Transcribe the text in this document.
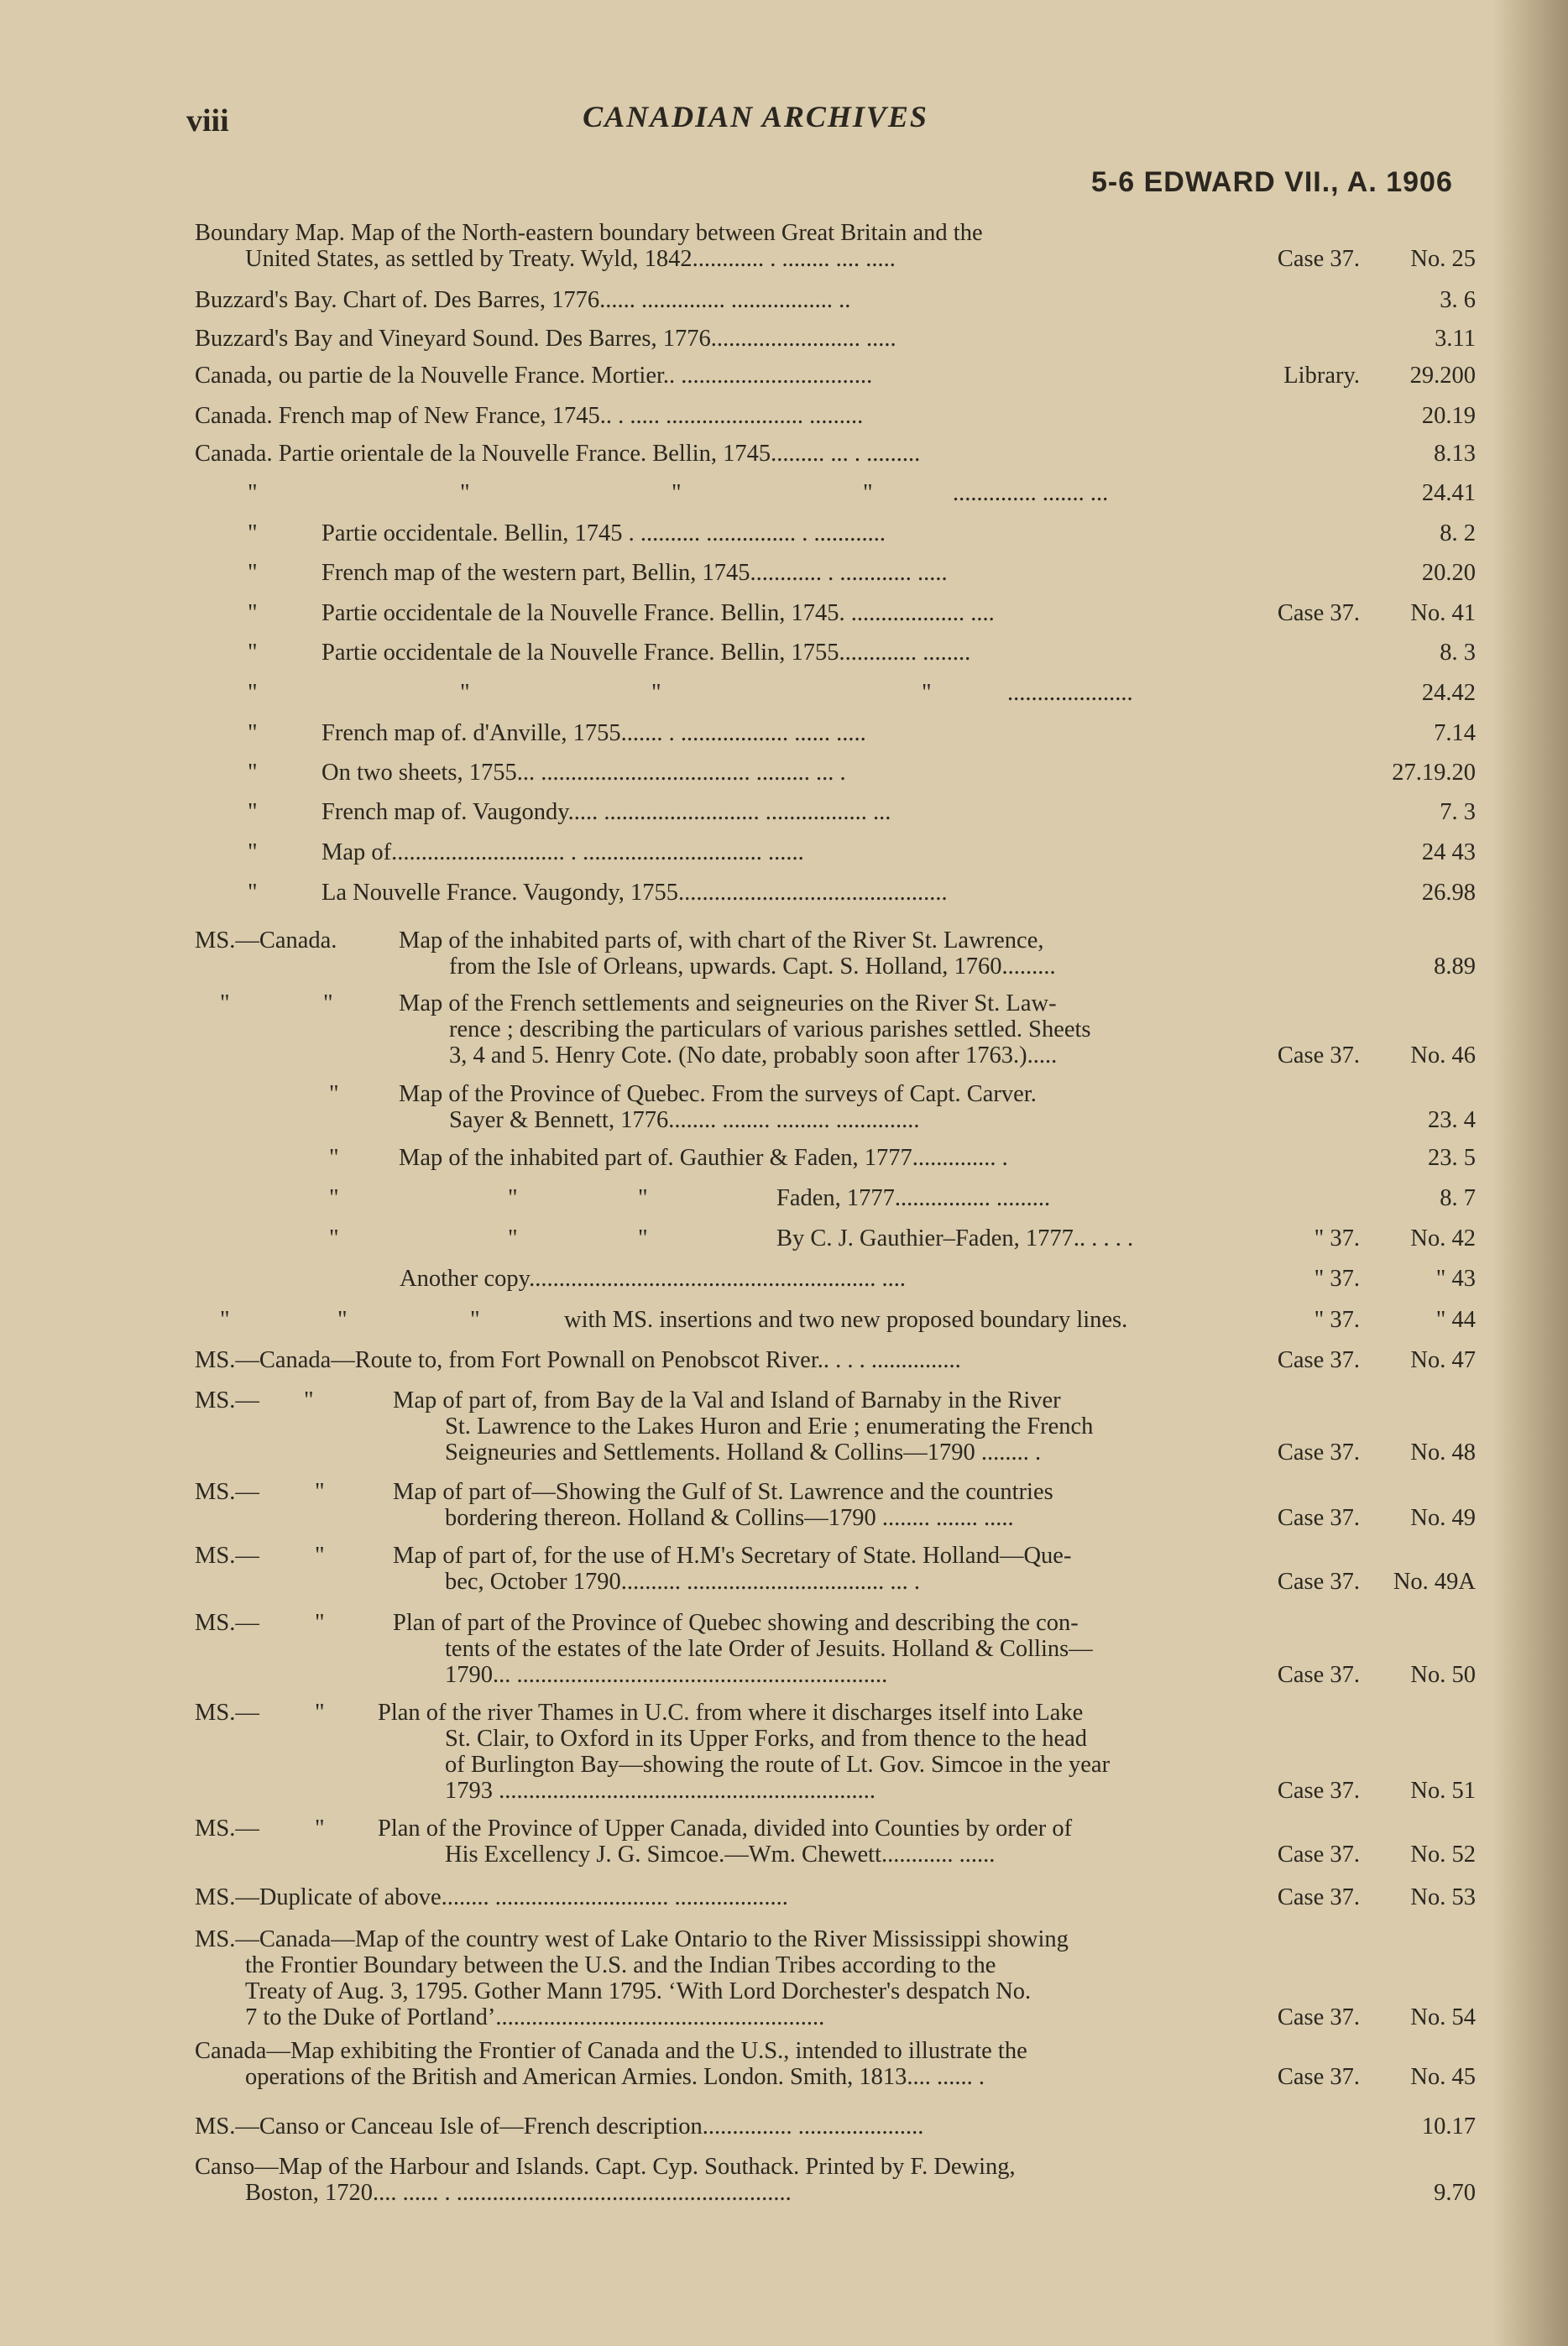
viii	CANADIAN ARCHIVES
5-6 EDWARD VII., A. 1906
Boundary Map. Map of the North-eastern boundary between Great Britain and the
United States, as settled by Treaty. Wyld, 1842............ . ........ .... .....	Case 37.	No. 25
Buzzard's Bay. Chart of. Des Barres, 1776...... .............. ................. ..	3. 6
Buzzard's Bay and Vineyard Sound. Des Barres, 1776......................... .....	3.11
Canada, ou partie de la Nouvelle France. Mortier.. ................................	Library.	29.200
Canada. French map of New France, 1745.. . ..... ....................... .........	20.19
Canada. Partie orientale de la Nouvelle France. Bellin, 1745......... ... . .........	8.13
"	"	"	"	.............. ....... ...	24.41
"	Partie occidentale. Bellin, 1745 . .......... ............... . ............	8. 2
"	French map of the western part, Bellin, 1745............ . ............ .....	20.20
"	Partie occidentale de la Nouvelle France. Bellin, 1745. ................... ....	Case 37.	No. 41
"	Partie occidentale de la Nouvelle France. Bellin, 1755............. ........	8. 3
"	"	"	"	.....................	24.42
"	French map of. d'Anville, 1755....... . .................. ...... .....	7.14
"	On two sheets, 1755... ................................... ......... ... .	27.19.20
"	French map of. Vaugondy..... .......................... ................. ...	7. 3
"	Map of............................. . .............................. ......	24 43
"	La Nouvelle France. Vaugondy, 1755.............................................	26.98
MS.—Canada.	Map of the inhabited parts of, with chart of the River St. Lawrence,
from the Isle of Orleans, upwards. Capt. S. Holland, 1760.........	8.89
"	"	Map of the French settlements and seigneuries on the River St. Law-
rence ; describing the particulars of various parishes settled. Sheets
3, 4 and 5. Henry Cote. (No date, probably soon after 1763.).....	Case 37.	No. 46
"	Map of the Province of Quebec. From the surveys of Capt. Carver.
Sayer & Bennett, 1776........ ........ ......... ..............	23. 4
"	Map of the inhabited part of. Gauthier & Faden, 1777.............. .	23. 5
"	"	"	Faden, 1777................ .........	8. 7
"	"	"	By C. J. Gauthier–Faden, 1777.. . . . .	" 37.	No. 42
Another copy.......................................................... ....	" 37.	" 43
"	"	"	with MS. insertions and two new proposed boundary lines.	" 37.	" 44
MS.—Canada—Route to, from Fort Pownall on Penobscot River.. . . . ...............	Case 37.	No. 47
MS.— "	Map of part of, from Bay de la Val and Island of Barnaby in the River
St. Lawrence to the Lakes Huron and Erie ; enumerating the French
Seigneuries and Settlements. Holland & Collins—1790 ........ .	Case 37.	No. 48
MS.— "	Map of part of—Showing the Gulf of St. Lawrence and the countries
bordering thereon. Holland & Collins—1790 ........ ....... .....	Case 37.	No. 49
MS.— "	Map of part of, for the use of H.M's Secretary of State. Holland—Que-
bec, October 1790.......... ................................. ... .	Case 37.	No. 49A
MS.— "	Plan of part of the Province of Quebec showing and describing the con-
tents of the estates of the late Order of Jesuits. Holland & Collins—
1790... ..............................................................	Case 37.	No. 50
MS.— " Plan of the river Thames in U.C. from where it discharges itself into Lake
St. Clair, to Oxford in its Upper Forks, and from thence to the head
of Burlington Bay—showing the route of Lt. Gov. Simcoe in the year
1793 ...............................................................	Case 37.	No. 51
MS.— " Plan of the Province of Upper Canada, divided into Counties by order of
His Excellency J. G. Simcoe.—Wm. Chewett............ ......	Case 37.	No. 52
MS.—Duplicate of above........ ............................. ...................	Case 37.	No. 53
MS.—Canada—Map of the country west of Lake Ontario to the River Mississippi showing
the Frontier Boundary between the U.S. and the Indian Tribes according to the
Treaty of Aug. 3, 1795. Gother Mann 1795. ‘With Lord Dorchester's despatch No.
7 to the Duke of Portland’.......................................................	Case 37.	No. 54
Canada—Map exhibiting the Frontier of Canada and the U.S., intended to illustrate the
operations of the British and American Armies. London. Smith, 1813.... ...... .	Case 37.	No. 45
MS.—Canso or Canceau Isle of—French description............... .....................	10.17
Canso—Map of the Harbour and Islands. Capt. Cyp. Southack. Printed by F. Dewing,
Boston, 1720.... ...... . ........................................................	9.70
